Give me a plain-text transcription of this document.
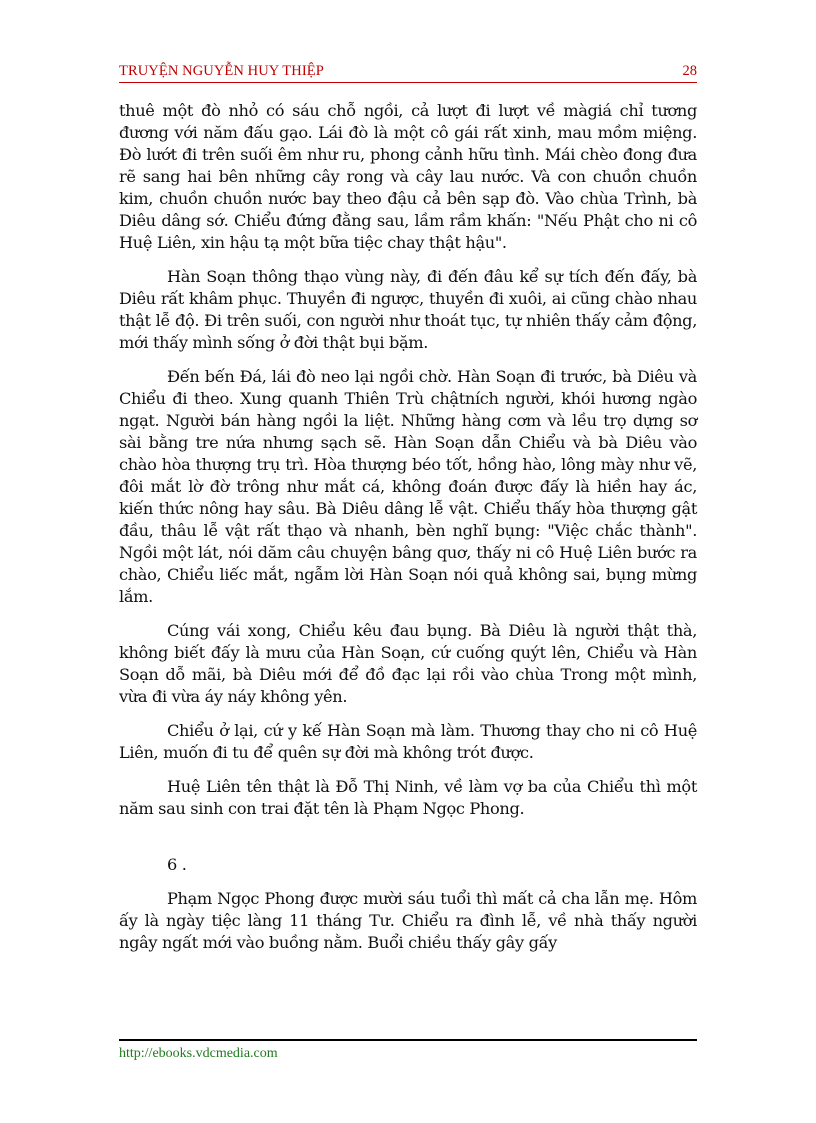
TRUYỆN NGUYỄN HUY THIỆP	28

thuê một đò nhỏ có sáu chỗ ngồi, cả lượt đi lượt về màgiá chỉ tương đương với năm đấu gạo. Lái đò là một cô gái rất xinh, mau mồm miệng. Đò lướt đi trên suối êm như ru, phong cảnh hữu tình. Mái chèo đong đưa rẽ sang hai bên những cây rong và cây lau nước. Và con chuồn chuồn kim, chuồn chuồn nước bay theo đậu cả bên sạp đò. Vào chùa Trình, bà Diêu dâng sớ. Chiểu đứng đằng sau, lầm rầm khấn: "Nếu Phật cho ni cô Huệ Liên, xin hậu tạ một bữa tiệc chay thật hậu".

Hàn Soạn thông thạo vùng này, đi đến đâu kể sự tích đến đấy, bà Diêu rất khâm phục. Thuyền đi ngược, thuyền đi xuôi, ai cũng chào nhau thật lễ độ. Đi trên suối, con người như thoát tục, tự nhiên thấy cảm động, mới thấy mình sống ở đời thật bụi bặm.

Đến bến Đá, lái đò neo lại ngồi chờ. Hàn Soạn đi trước, bà Diêu và Chiểu đi theo. Xung quanh Thiên Trù chậtních người, khói hương ngào ngạt. Người bán hàng ngồi la liệt. Những hàng cơm và lều trọ dựng sơ sài bằng tre nứa nhưng sạch sẽ. Hàn Soạn dẫn Chiểu và bà Diêu vào chào hòa thượng trụ trì. Hòa thượng béo tốt, hồng hào, lông mày như vẽ, đôi mắt lờ đờ trông như mắt cá, không đoán được đấy là hiền hay ác, kiến thức nông hay sâu. Bà Diêu dâng lễ vật. Chiểu thấy hòa thượng gật đầu, thâu lễ vật rất thạo và nhanh, bèn nghĩ bụng: "Việc chắc thành". Ngồi một lát, nói dăm câu chuyện bâng quơ, thấy ni cô Huệ Liên bước ra chào, Chiểu liếc mắt, ngẫm lời Hàn Soạn nói quả không sai, bụng mừng lắm.

Cúng vái xong, Chiểu kêu đau bụng. Bà Diêu là người thật thà, không biết đấy là mưu của Hàn Soạn, cứ cuống quýt lên, Chiểu và Hàn Soạn dỗ mãi, bà Diêu mới để đồ đạc lại rồi vào chùa Trong một mình, vừa đi vừa áy náy không yên.

Chiểu ở lại, cứ y kế Hàn Soạn mà làm. Thương thay cho ni cô Huệ Liên, muốn đi tu để quên sự đời mà không trót được.

Huệ Liên tên thật là Đỗ Thị Ninh, về làm vợ ba của Chiểu thì một năm sau sinh con trai đặt tên là Phạm Ngọc Phong.

6 .

Phạm Ngọc Phong được mười sáu tuổi thì mất cả cha lẫn mẹ. Hôm ấy là ngày tiệc làng 11 tháng Tư. Chiểu ra đình lễ, về nhà thấy người ngây ngất mới vào buồng nằm. Buổi chiều thấy gây gấy

http://ebooks.vdcmedia.com
